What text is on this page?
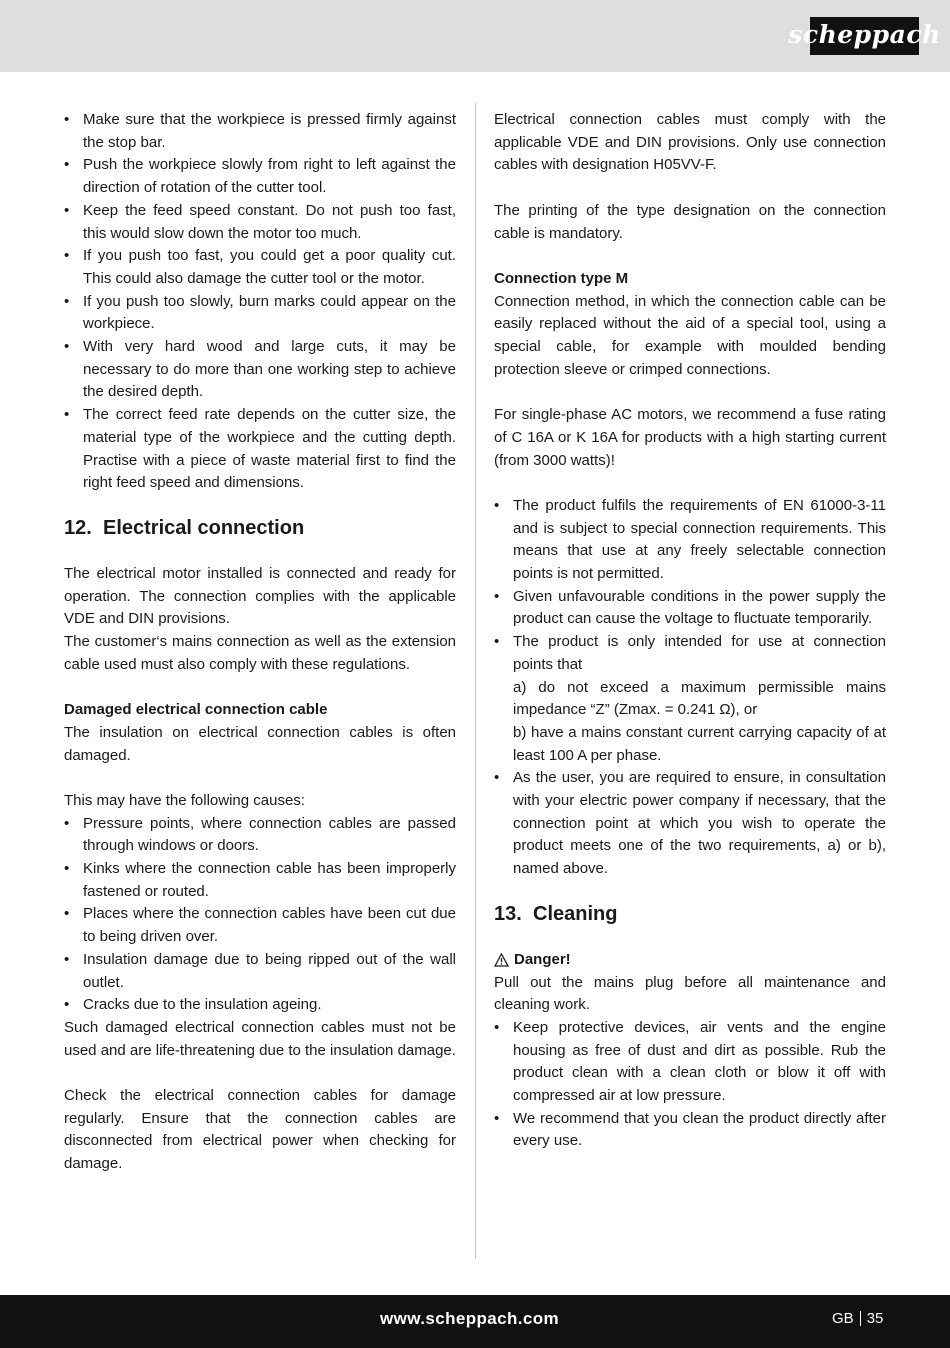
scheppach
• Make sure that the workpiece is pressed firmly against the stop bar.
• Push the workpiece slowly from right to left against the direction of rotation of the cutter tool.
• Keep the feed speed constant. Do not push too fast, this would slow down the motor too much.
• If you push too fast, you could get a poor quality cut. This could also damage the cutter tool or the motor.
• If you push too slowly, burn marks could appear on the workpiece.
• With very hard wood and large cuts, it may be necessary to do more than one working step to achieve the desired depth.
• The correct feed rate depends on the cutter size, the material type of the workpiece and the cutting depth. Practise with a piece of waste material first to find the right feed speed and dimensions.
12. Electrical connection

The electrical motor installed is connected and ready for operation. The connection complies with the applicable VDE and DIN provisions.

The customer‘s mains connection as well as the extension cable used must also comply with these regulations.

Damaged electrical connection cable

The insulation on electrical connection cables is often damaged.

This may have the following causes:

• Pressure points, where connection cables are passed through windows or doors.
• Kinks where the connection cable has been improperly fastened or routed.
• Places where the connection cables have been cut due to being driven over.
• Insulation damage due to being ripped out of the wall outlet.
• Cracks due to the insulation ageing.

Such damaged electrical connection cables must not be used and are life-threatening due to the insulation damage.

Check the electrical connection cables for damage regularly. Ensure that the connection cables are disconnected from electrical power when checking for damage.

Electrical connection cables must comply with the applicable VDE and DIN provisions. Only use connection cables with designation H05VV-F.

The printing of the type designation on the connection cable is mandatory.

Connection type M

Connection method, in which the connection cable can be easily replaced without the aid of a special tool, using a special cable, for example with moulded bending protection sleeve or crimped connections.

For single-phase AC motors, we recommend a fuse rating of C 16A or K 16A for products with a high starting current (from 3000 watts)!

• The product fulfils the requirements of EN 61000-3-11 and is subject to special connection requirements. This means that use at any freely selectable connection points is not permitted.
• Given unfavourable conditions in the power supply the product can cause the voltage to fluctuate temporarily.
• The product is only intended for use at connection points that
a) do not exceed a maximum permissible mains impedance “Z” (Zmax. = 0.241 Ω), or
b) have a mains constant current carrying capacity of at least 100 A per phase.
• As the user, you are required to ensure, in consultation with your electric power company if necessary, that the connection point at which you wish to operate the product meets one of the two requirements, a) or b), named above.
13. Cleaning
Danger!

Pull out the mains plug before all maintenance and cleaning work.

• Keep protective devices, air vents and the engine housing as free of dust and dirt as possible. Rub the product clean with a clean cloth or blow it off with compressed air at low pressure.
• We recommend that you clean the product directly after every use.
www.scheppach.com	GB 35
